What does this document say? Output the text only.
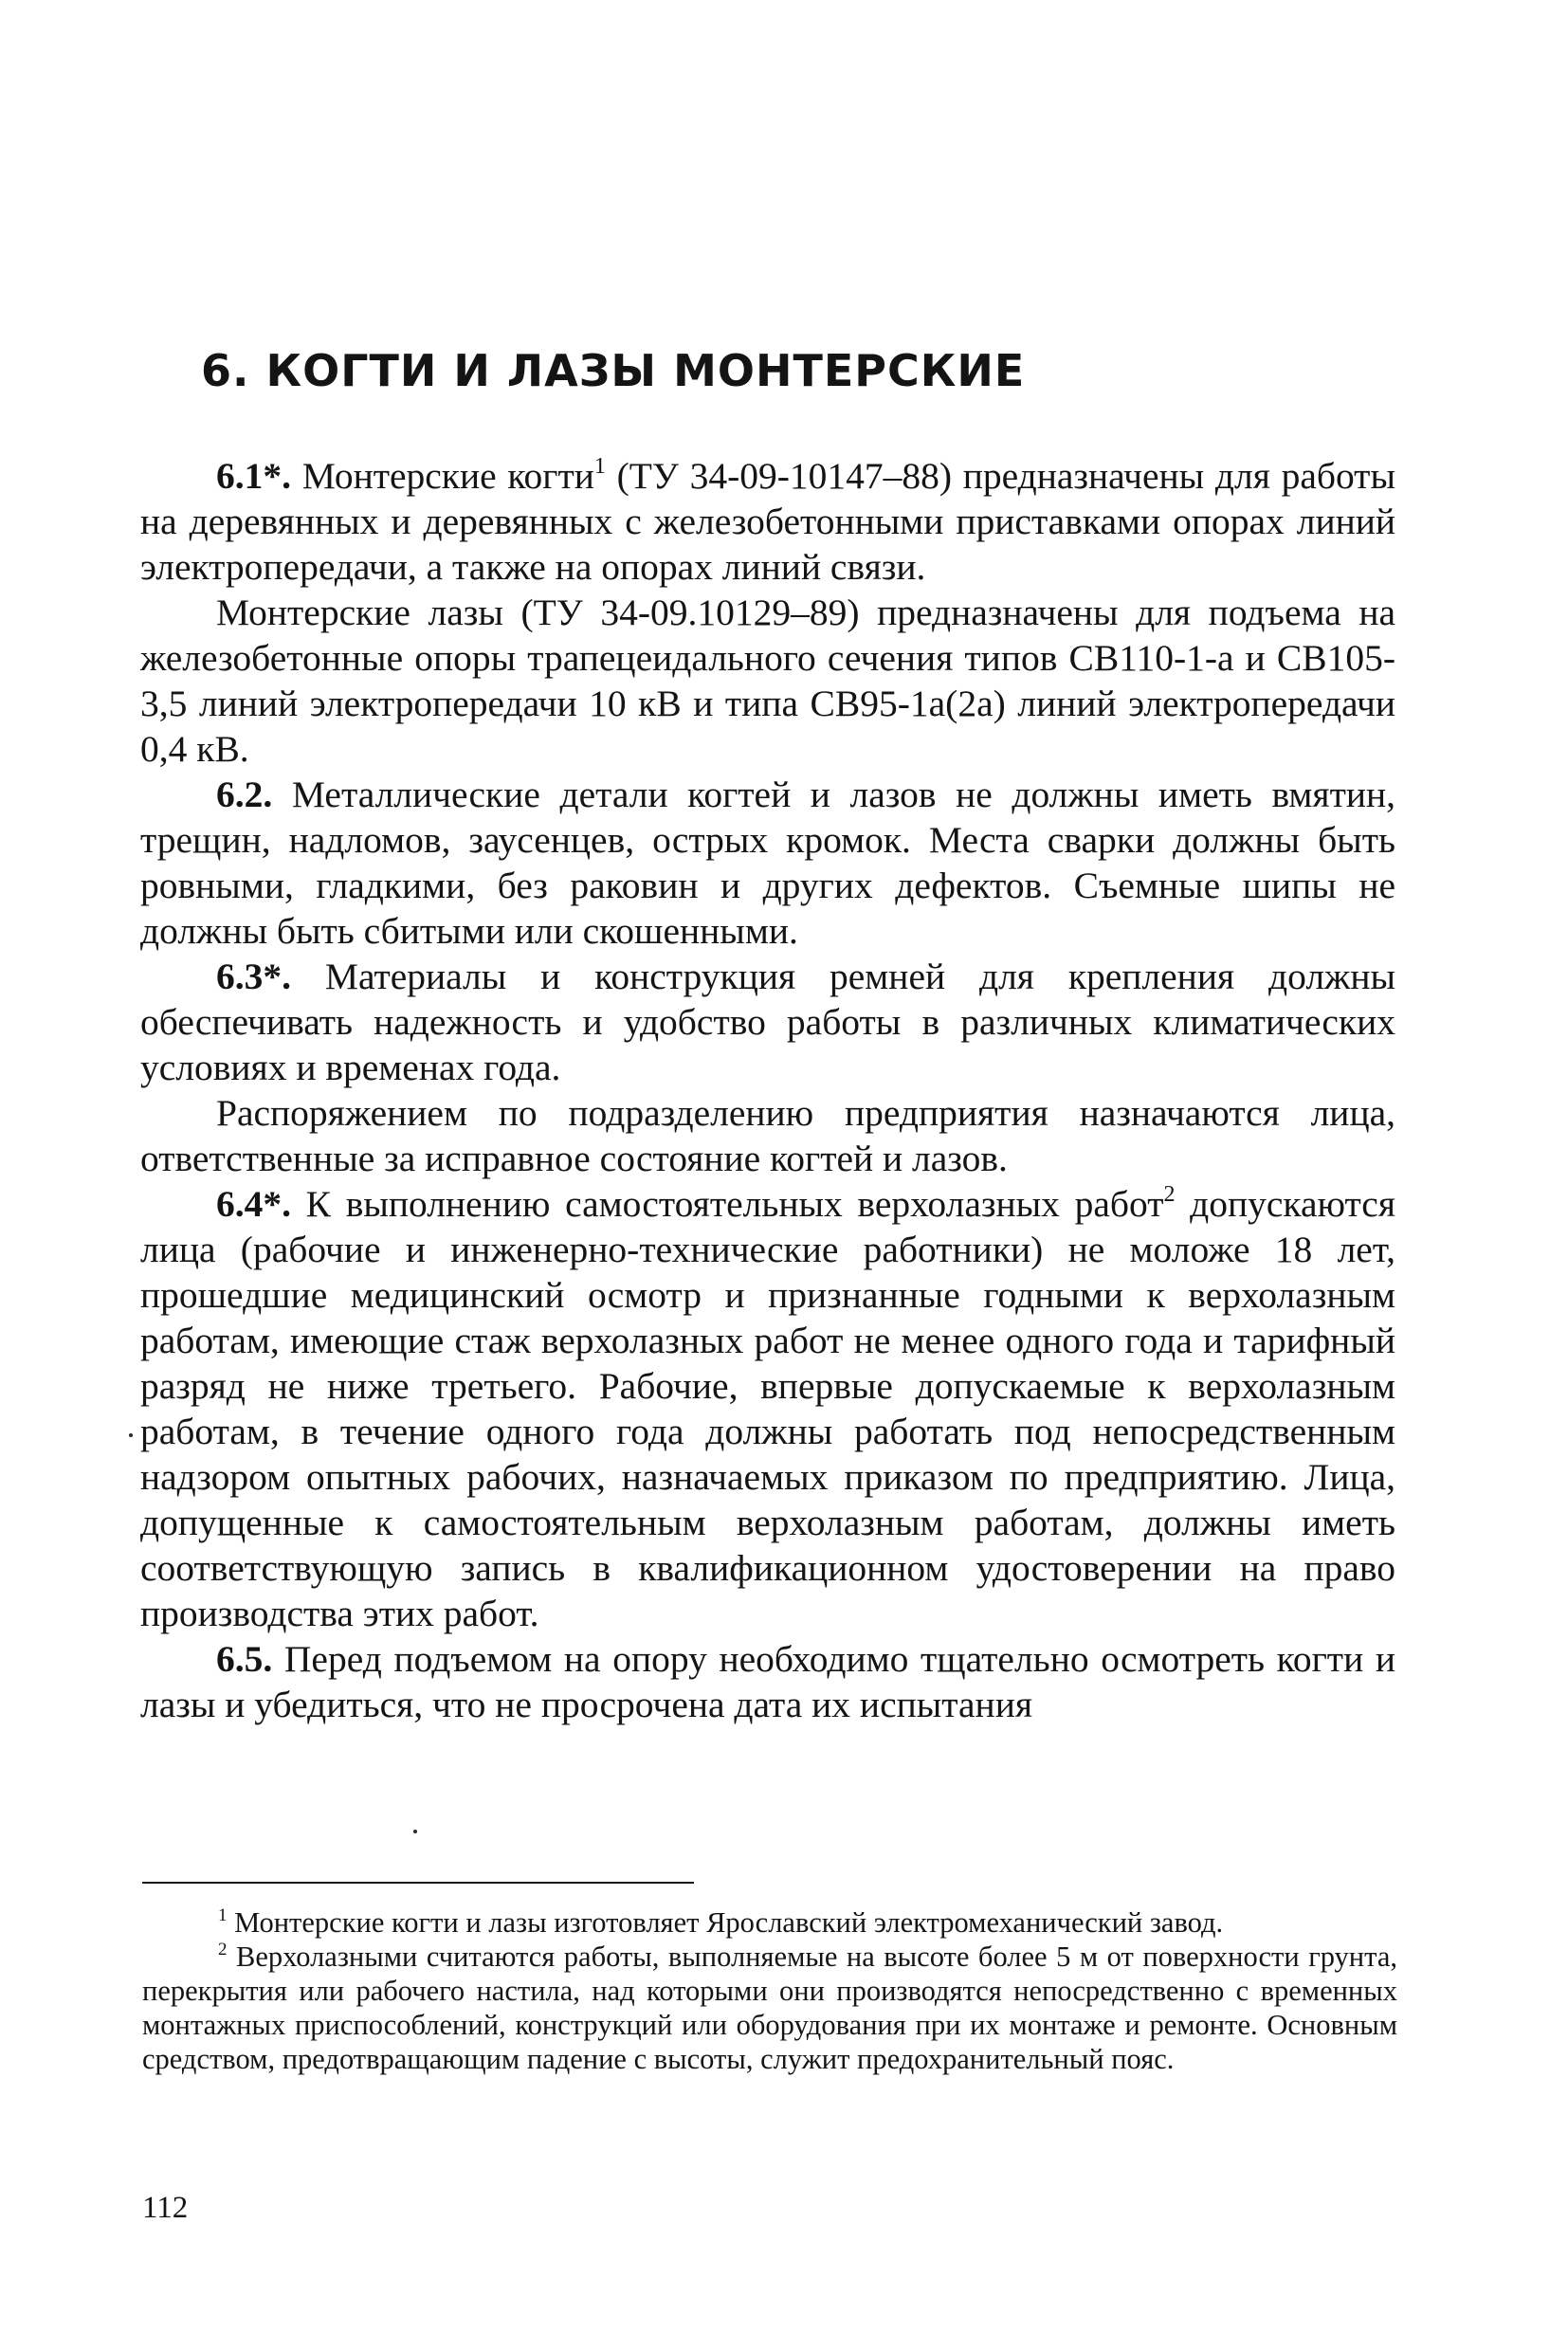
6. КОГТИ И ЛАЗЫ МОНТЕРСКИЕ

6.1*. Монтерские когти$^1$ (ТУ 34-09-10147–88) предназначены для работы на деревянных и деревянных с железобетонными приставками опорах линий электропередачи, а также на опорах линий связи.

Монтерские лазы (ТУ 34-09.10129–89) предназначены для подъема на железобетонные опоры трапецеидального сечения типов СВ110-1-а и СВ105-3,5 линий электропередачи 10 кВ и типа СВ95-1а(2а) линий электропередачи 0,4 кВ.

6.2. Металлические детали когтей и лазов не должны иметь вмятин, трещин, надломов, заусенцев, острых кромок. Места сварки должны быть ровными, гладкими, без раковин и других дефектов. Съемные шипы не должны быть сбитыми или скошенными.

6.3*. Материалы и конструкция ремней для крепления должны обеспечивать надежность и удобство работы в различных климатических условиях и временах года.

Распоряжением по подразделению предприятия назначаются лица, ответственные за исправное состояние когтей и лазов.

6.4*. К выполнению самостоятельных верхолазных работ$^2$ допускаются лица (рабочие и инженерно-технические работники) не моложе 18 лет, прошедшие медицинский осмотр и признанные годными к верхолазным работам, имеющие стаж верхолазных работ не менее одного года и тарифный разряд не ниже третьего. Рабочие, впервые допускаемые к верхолазным работам, в течение одного года должны работать под непосредственным надзором опытных рабочих, назначаемых приказом по предприятию. Лица, допущенные к самостоятельным верхолазным работам, должны иметь соответствующую запись в квалификационном удостоверении на право производства этих работ.

6.5. Перед подъемом на опору необходимо тщательно осмотреть когти и лазы и убедиться, что не просрочена дата их испытания

$^1$ Монтерские когти и лазы изготовляет Ярославский электромеханический завод.

$^2$ Верхолазными считаются работы, выполняемые на высоте более 5 м от поверхности грунта, перекрытия или рабочего настила, над которыми они производятся непосредственно с временных монтажных приспособлений, конструкций или оборудования при их монтаже и ремонте. Основным средством, предотвращающим падение с высоты, служит предохранительный пояс.

112
